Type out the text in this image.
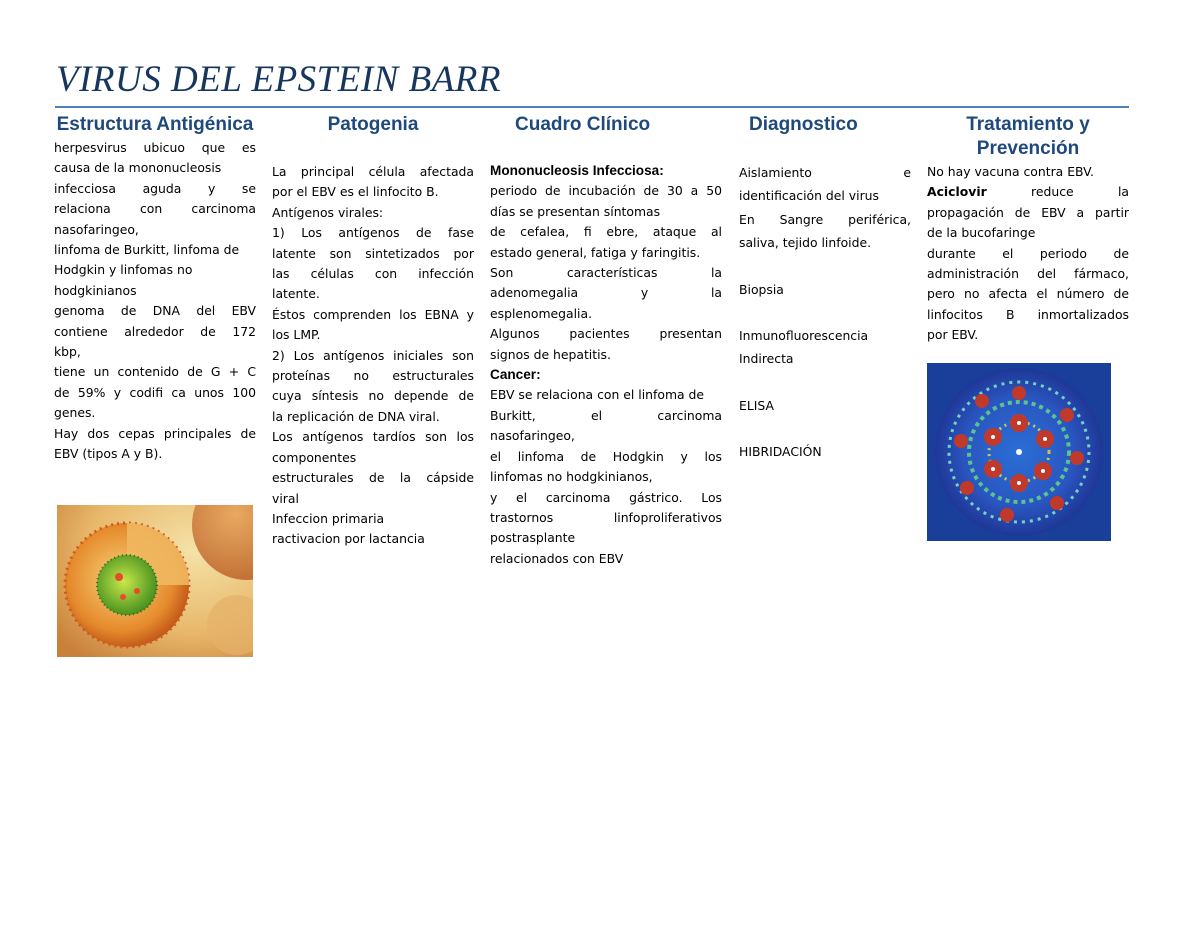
VIRUS DEL EPSTEIN BARR
Estructura Antigénica

herpesvirus ubicuo que es

causa de la mononucleosis

infecciosa aguda y se

relaciona con carcinoma

nasofaringeo,

linfoma de Burkitt, linfoma de

Hodgkin y linfomas no

hodgkinianos

genoma de DNA del EBV

contiene alrededor de 172

kbp,

tiene un contenido de G + C

de 59% y codifi ca unos 100

genes.

Hay dos cepas principales de

EBV (tipos A y B).

Patogenia

La principal célula afectada

por el EBV es el linfocito B.

Antígenos virales:

1) Los antígenos de fase

latente son sintetizados por

las células con infección

latente.

Éstos comprenden los EBNA y

los LMP.

2) Los antígenos iniciales son

proteínas no estructurales

cuya síntesis no depende de

la replicación de DNA viral.

Los antígenos tardíos son los

componentes

estructurales de la cápside

viral

Infeccion primaria

ractivacion por lactancia

Cuadro Clínico

Mononucleosis Infecciosa:

periodo de incubación de 30 a 50

días se presentan síntomas

de cefalea, fi ebre, ataque al

estado general, fatiga y faringitis.

Son características la

adenomegalia y la

esplenomegalia.

Algunos pacientes presentan

signos de hepatitis.

Cancer:

EBV se relaciona con el linfoma de

Burkitt, el carcinoma

nasofaringeo,

el linfoma de Hodgkin y los

linfomas no hodgkinianos,

y el carcinoma gástrico. Los

trastornos linfoproliferativos

postrasplante

relacionados con EBV

Diagnostico

Aislamiento e

identificación del virus

En Sangre periférica,

saliva, tejido linfoide.

Biopsia

Inmunofluorescencia

Indirecta

ELISA

HIBRIDACIÓN

Tratamiento y Prevención

No hay vacuna contra EBV.

Aciclovir reduce la

propagación de EBV a partir

de la bucofaringe

durante el periodo de

administración del fármaco,

pero no afecta el número de

linfocitos B inmortalizados

por EBV.
